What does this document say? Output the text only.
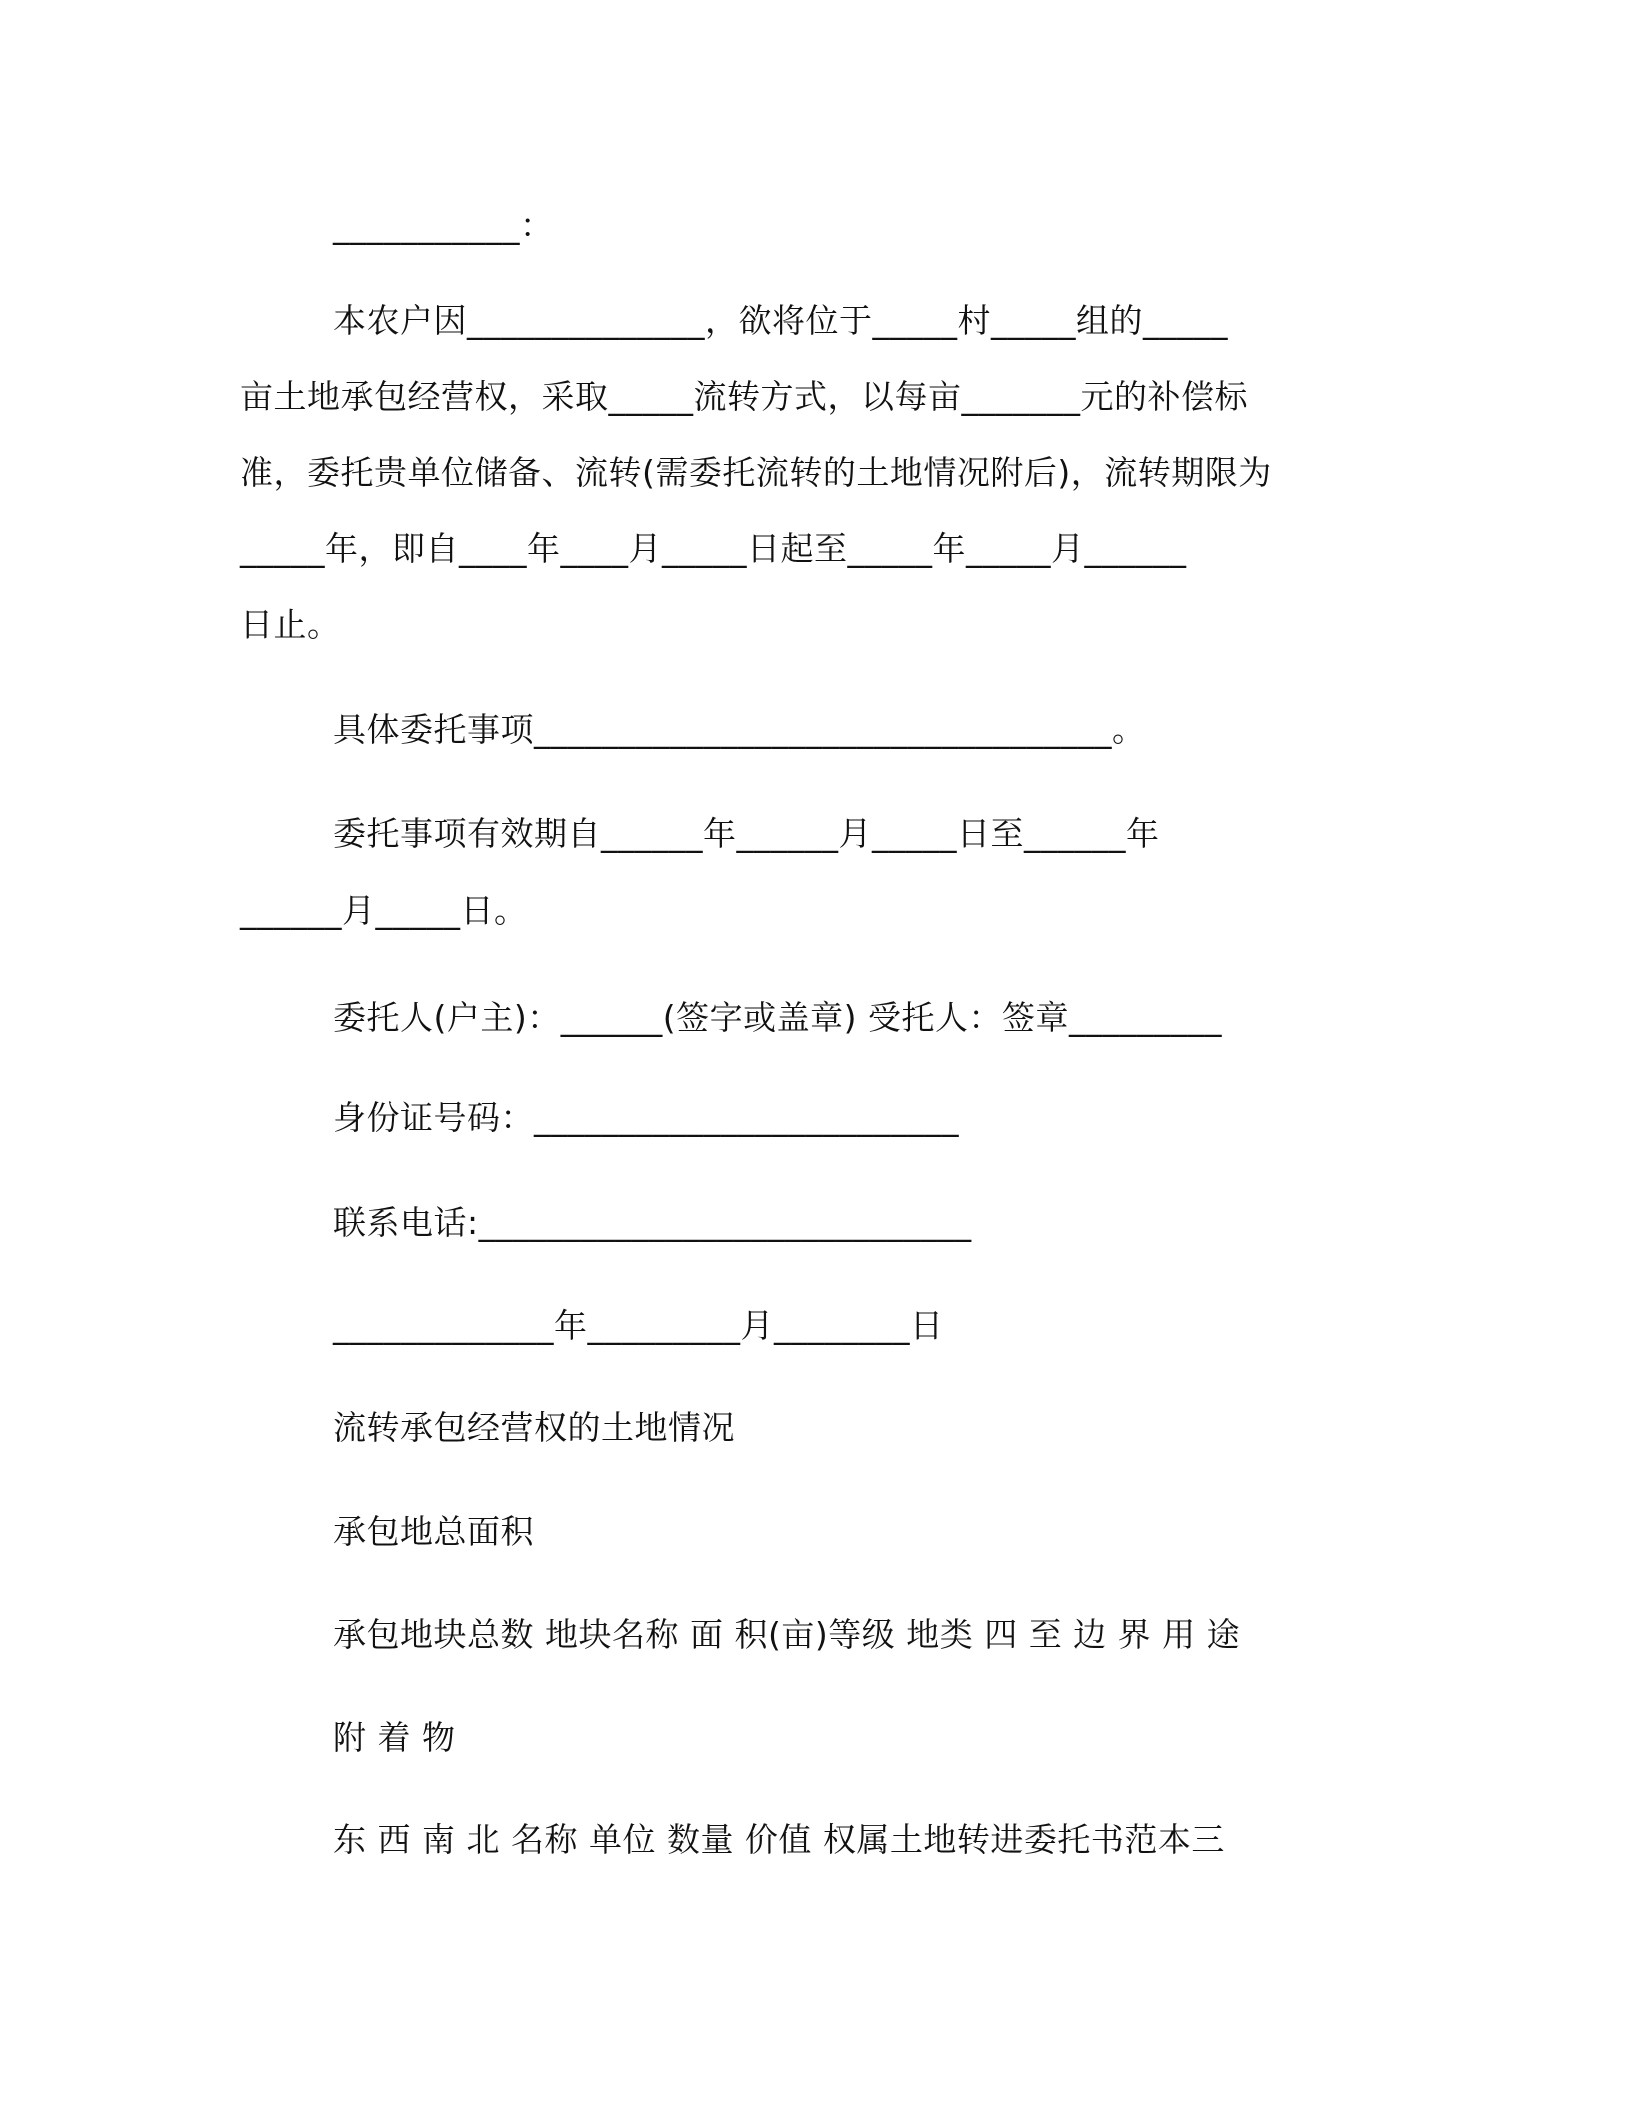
___________：
本农户因______________，欲将位于_____村_____组的_____
亩土地承包经营权，采取_____流转方式，以每亩_______元的补偿标
准，委托贵单位储备、流转(需委托流转的土地情况附后)，流转期限为
_____年，即自____年____月_____日起至_____年_____月______
日止。
具体委托事项__________________________________。
委托事项有效期自______年______月_____日至______年
______月_____日。
委托人(户主)：______(签字或盖章) 受托人：签章_________
身份证号码：_________________________
联系电话:_____________________________
_____________年_________月________日
流转承包经营权的土地情况
承包地总面积
承包地块总数 地块名称 面 积(亩)等级 地类 四 至 边 界 用 途
附 着 物
东 西 南 北 名称 单位 数量 价值 权属土地转进委托书范本三
